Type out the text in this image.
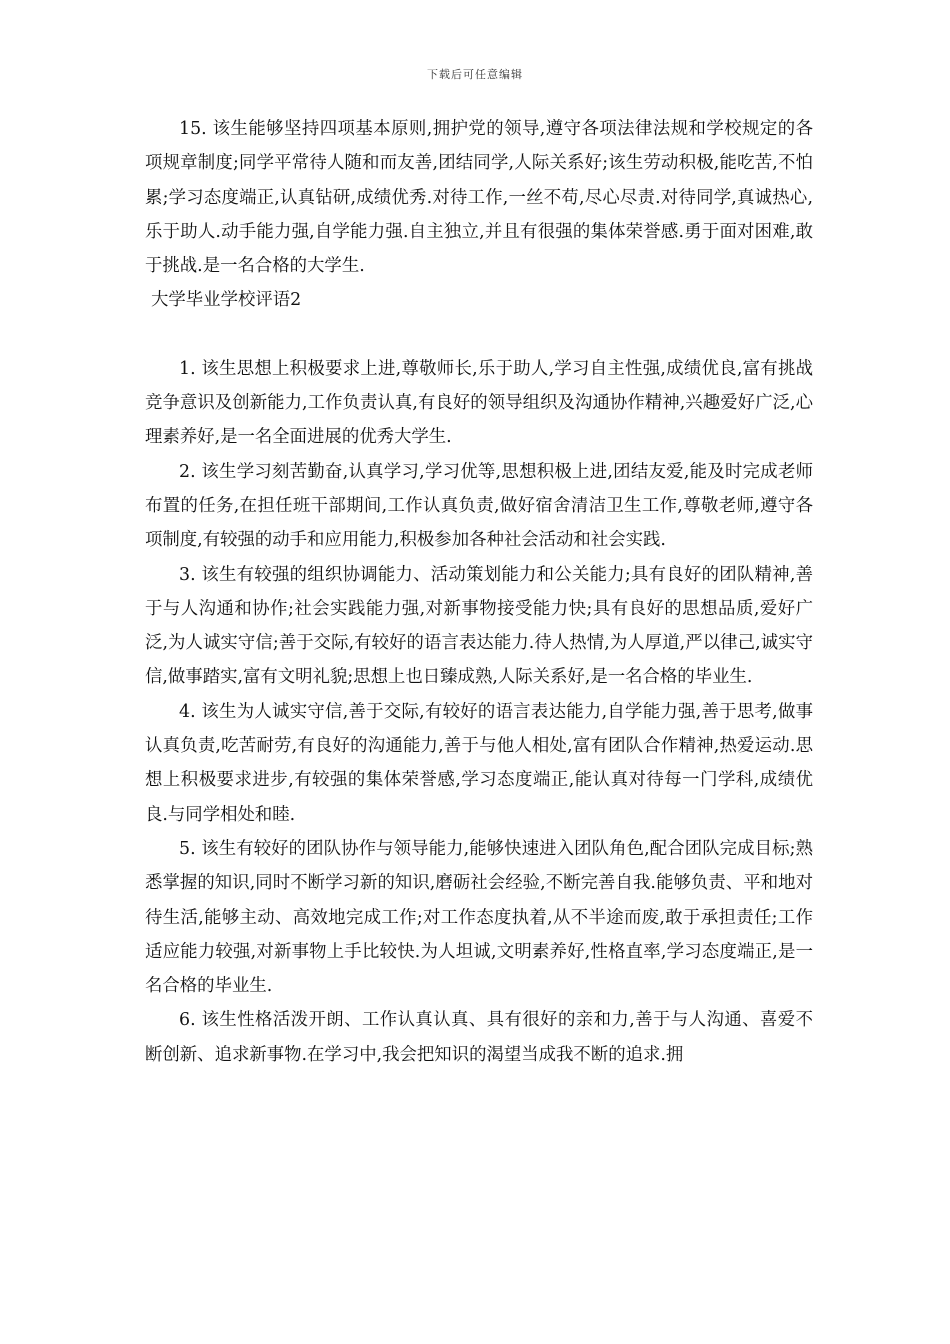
下载后可任意编辑

15. 该生能够坚持四项基本原则,拥护党的领导,遵守各项法律法规和学校规定的各项规章制度;同学平常待人随和而友善,团结同学,人际关系好;该生劳动积极,能吃苦,不怕累;学习态度端正,认真钻研,成绩优秀.对待工作,一丝不苟,尽心尽责.对待同学,真诚热心,乐于助人.动手能力强,自学能力强.自主独立,并且有很强的集体荣誉感.勇于面对困难,敢于挑战.是一名合格的大学生.

大学毕业学校评语2

1. 该生思想上积极要求上进,尊敬师长,乐于助人,学习自主性强,成绩优良,富有挑战竞争意识及创新能力,工作负责认真,有良好的领导组织及沟通协作精神,兴趣爱好广泛,心理素养好,是一名全面进展的优秀大学生.

2. 该生学习刻苦勤奋,认真学习,学习优等,思想积极上进,团结友爱,能及时完成老师布置的任务,在担任班干部期间,工作认真负责,做好宿舍清洁卫生工作,尊敬老师,遵守各项制度,有较强的动手和应用能力,积极参加各种社会活动和社会实践.

3. 该生有较强的组织协调能力、活动策划能力和公关能力;具有良好的团队精神,善于与人沟通和协作;社会实践能力强,对新事物接受能力快;具有良好的思想品质,爱好广泛,为人诚实守信;善于交际,有较好的语言表达能力.待人热情,为人厚道,严以律己,诚实守信,做事踏实,富有文明礼貌;思想上也日臻成熟,人际关系好,是一名合格的毕业生.

4. 该生为人诚实守信,善于交际,有较好的语言表达能力,自学能力强,善于思考,做事认真负责,吃苦耐劳,有良好的沟通能力,善于与他人相处,富有团队合作精神,热爱运动.思想上积极要求进步,有较强的集体荣誉感,学习态度端正,能认真对待每一门学科,成绩优良.与同学相处和睦.

5. 该生有较好的团队协作与领导能力,能够快速进入团队角色,配合团队完成目标;熟悉掌握的知识,同时不断学习新的知识,磨砺社会经验,不断完善自我.能够负责、平和地对待生活,能够主动、高效地完成工作;对工作态度执着,从不半途而废,敢于承担责任;工作适应能力较强,对新事物上手比较快.为人坦诚,文明素养好,性格直率,学习态度端正,是一名合格的毕业生.

6. 该生性格活泼开朗、工作认真认真、具有很好的亲和力,善于与人沟通、喜爱不断创新、追求新事物.在学习中,我会把知识的渴望当成我不断的追求.拥
